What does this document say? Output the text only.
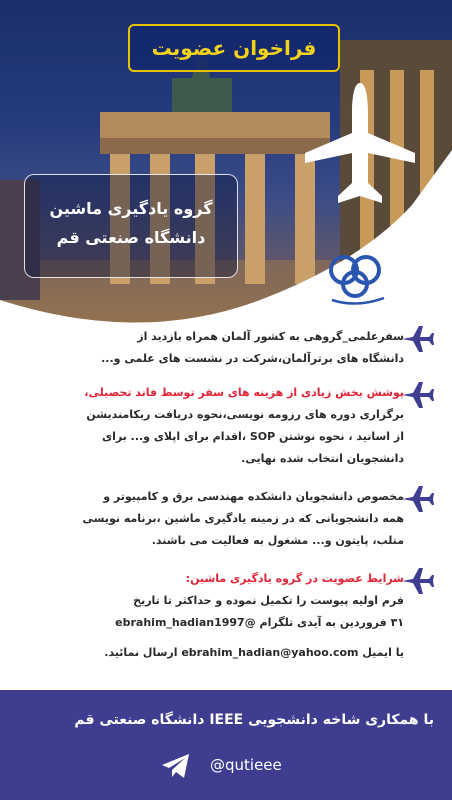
فراخوان عضویت
گروه یادگیری ماشین
دانشگاه صنعتی قم
سفرعلمی_گروهی به کشور آلمان همراه بازدید از
دانشگاه های برترآلمان،شرکت در نشست های علمی و...
پوشش بخش زیادی از هزینه های سفر توسط فاند تحصیلی،
برگزاری دوره های رزومه نویسی،نحوه دریافت ریکامندیشن
از اساتید ، نحوه نوشتن SOP ،اقدام برای اپلای و... برای
دانشجویان انتخاب شده نهایی.
مخصوص دانشجویان دانشکده مهندسی برق و کامپیوتر و
همه دانشجویانی که در زمینه یادگیری ماشین ،برنامه نویسی
متلب، پایتون و... مشغول به فعالیت می باشند.
شرایط عضویت در گروه یادگیری ماشین:
فرم اولیه پیوست را تکمیل نموده و حداکثر تا تاریخ
۳۱ فروردین به آیدی تلگرام @ebrahim_hadian1997
یا ایمیل ebrahim_hadian@yahoo.com ارسال نمائید.
با همکاری شاخه دانشجویی IEEE دانشگاه صنعتی قم
@qutieee
